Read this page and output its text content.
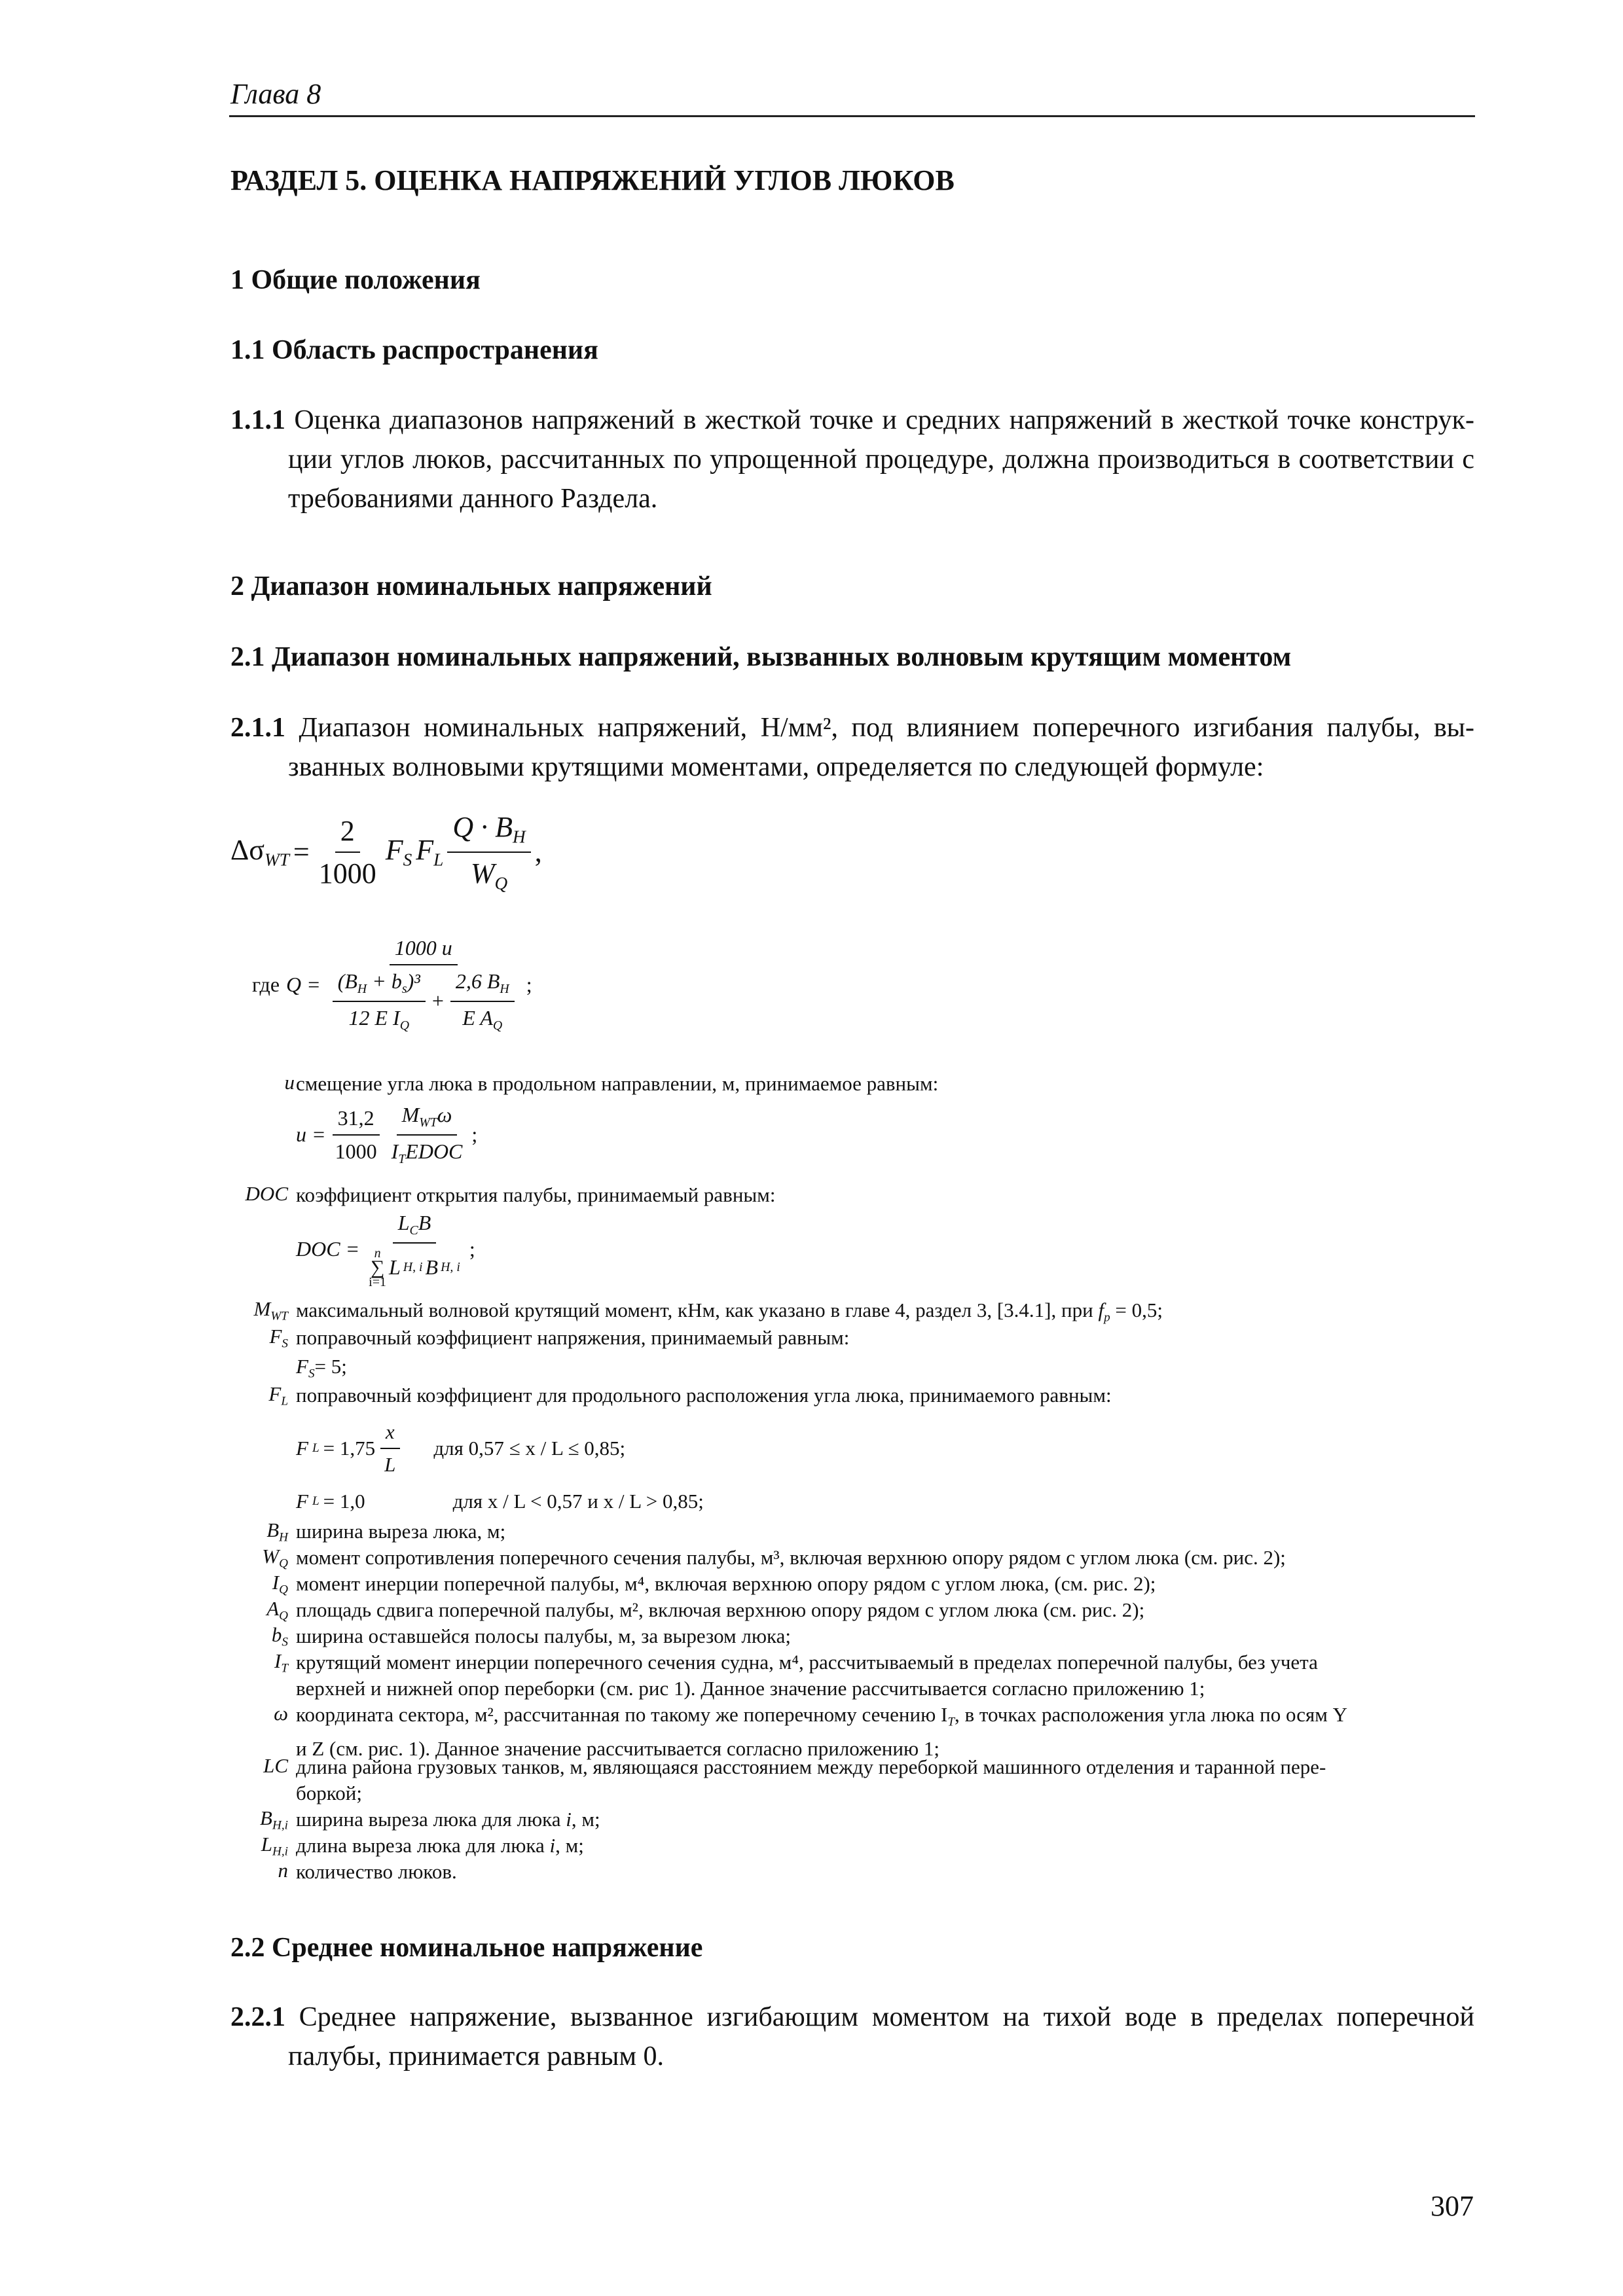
Глава 8
РАЗДЕЛ 5. ОЦЕНКА НАПРЯЖЕНИЙ УГЛОВ ЛЮКОВ
1 Общие положения
1.1 Область распространения
1.1.1 Оценка диапазонов напряжений в жесткой точке и средних напряжений в жесткой точке конструк-
ции углов люков, рассчитанных по упрощенной процедуре, должна производиться в соответствии с требованиями данного Раздела.
2 Диапазон номинальных напряжений
2.1 Диапазон номинальных напряжений, вызванных волновым крутящим моментом
2.1.1 Диапазон номинальных напряжений, Н/мм², под влиянием поперечного изгибания палубы, вы-
званных волновыми крутящими моментами, определяется по следующей формуле:
$\Delta\sigma_{WT} = \frac{2}{1000} F_S$ $F_L \frac{Q \cdot B_H}{W_Q}$ ,
где $Q = \frac{1000 u}{\frac{(B_H + b_s)^3}{12 E I_Q} + \frac{2,6 B_H}{E A_Q}}$ ;
u смещение угла люка в продольном направлении, м, принимаемое равным:
$u = \frac{31,2}{1000} \frac{M_{WT}\omega}{I_TEDOC}$ ;
DOC коэффициент открытия палубы, принимаемый равным:
DOC = $L_CB$
n
∑
i=1
L H, i B H, i ;
$M_{WT}$ максимальный волновой крутящий момент, кНм, как указано в главе 4, раздел 3, [3.4.1], при $f_p = 0,5$;
$F_S$ поправочный коэффициент напряжения, принимаемый равным:
$F_S= 5$;
$F_L$ поправочный коэффициент для продольного расположения угла люка, принимаемого равным:
F $L = 1,75 \frac{x}{L}$ для 0,57 ≤ x / L ≤ 0,85;
F L = 1,0	для x / L < 0,57 и x / L > 0,85;
$B_H$ ширина выреза люка, м;
$W_Q$ момент сопротивления поперечного сечения палубы, м³, включая верхнюю опору рядом с углом люка (см. рис. 2);
$I_Q$ момент инерции поперечной палубы, м⁴, включая верхнюю опору рядом с углом люка, (см. рис. 2);
$A_Q$ площадь сдвига поперечной палубы, м², включая верхнюю опору рядом с углом люка (см. рис. 2);
$b_S$ ширина оставшейся полосы палубы, м, за вырезом люка;
$I_T$ крутящий момент инерции поперечного сечения судна, м⁴, рассчитываемый в пределах поперечной палубы, без учета
верхней и нижней опор переборки (см. рис 1). Данное значение рассчитывается согласно приложению 1;
ω координата сектора, м², рассчитанная по такому же поперечному сечению $I_T$, в точках расположения угла люка по осям Y
и Z (см. рис. 1). Данное значение рассчитывается согласно приложению 1;
LC длина района грузовых танков, м, являющаяся расстоянием между переборкой машинного отделения и таранной пере-
боркой;
$B_{H,i}$ ширина выреза люка для люка i, м;
$L_{H,i}$ длина выреза люка для люка i, м;
n количество люков.
2.2 Среднее номинальное напряжение
2.2.1 Среднее напряжение, вызванное изгибающим моментом на тихой воде в пределах поперечной
палубы, принимается равным 0.
307
